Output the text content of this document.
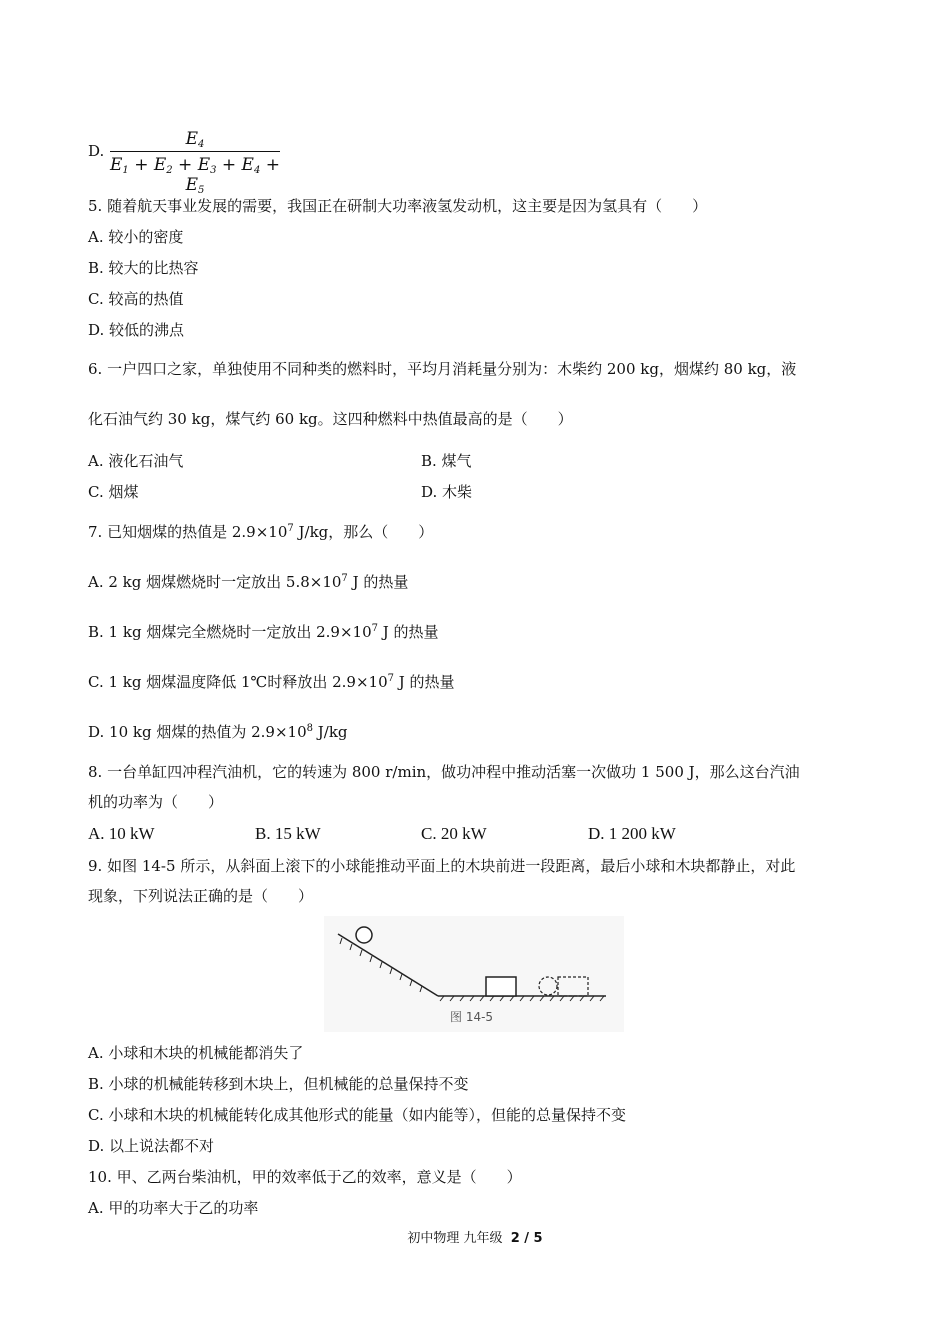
D.
$E_4$
$E_1 + E_2 + E_3 + E_4 + E_5$
5. 随着航天事业发展的需要，我国正在研制大功率液氢发动机，这主要是因为氢具有（　　）
A. 较小的密度
B. 较大的比热容
C. 较高的热值
D. 较低的沸点
6. 一户四口之家，单独使用不同种类的燃料时，平均月消耗量分别为：木柴约 200 kg，烟煤约 80 kg，液
化石油气约 30 kg，煤气约 60 kg。这四种燃料中热值最高的是（　　）
A. 液化石油气	B. 煤气
C. 烟煤	D. 木柴
7. 已知烟煤的热值是 $2.9\times 10^7$ J/kg，那么（　　）
A. 2 kg 烟煤燃烧时一定放出 $5.8\times 10^7$ J 的热量
B. 1 kg 烟煤完全燃烧时一定放出 $2.9\times 10^7$ J 的热量
C. 1 kg 烟煤温度降低 1℃时释放出 $2.9\times 10^7$ J 的热量
D. 10 kg 烟煤的热值为 $2.9\times 10^8$ J/kg
8. 一台单缸四冲程汽油机，它的转速为 800 r/min，做功冲程中推动活塞一次做功 1 500 J，那么这台汽油
机的功率为（　　）
A. 10 kW	B. 15 kW	C. 20 kW	D. 1 200 kW
9. 如图 14-5 所示，从斜面上滚下的小球能推动平面上的木块前进一段距离，最后小球和木块都静止，对此
现象，下列说法正确的是（　　）
图 14-5
A. 小球和木块的机械能都消失了
B. 小球的机械能转移到木块上，但机械能的总量保持不变
C. 小球和木块的机械能转化成其他形式的能量（如内能等），但能的总量保持不变
D. 以上说法都不对
10. 甲、乙两台柴油机，甲的效率低于乙的效率，意义是（　　）
A. 甲的功率大于乙的功率
初中物理 九年级 2 / 5
